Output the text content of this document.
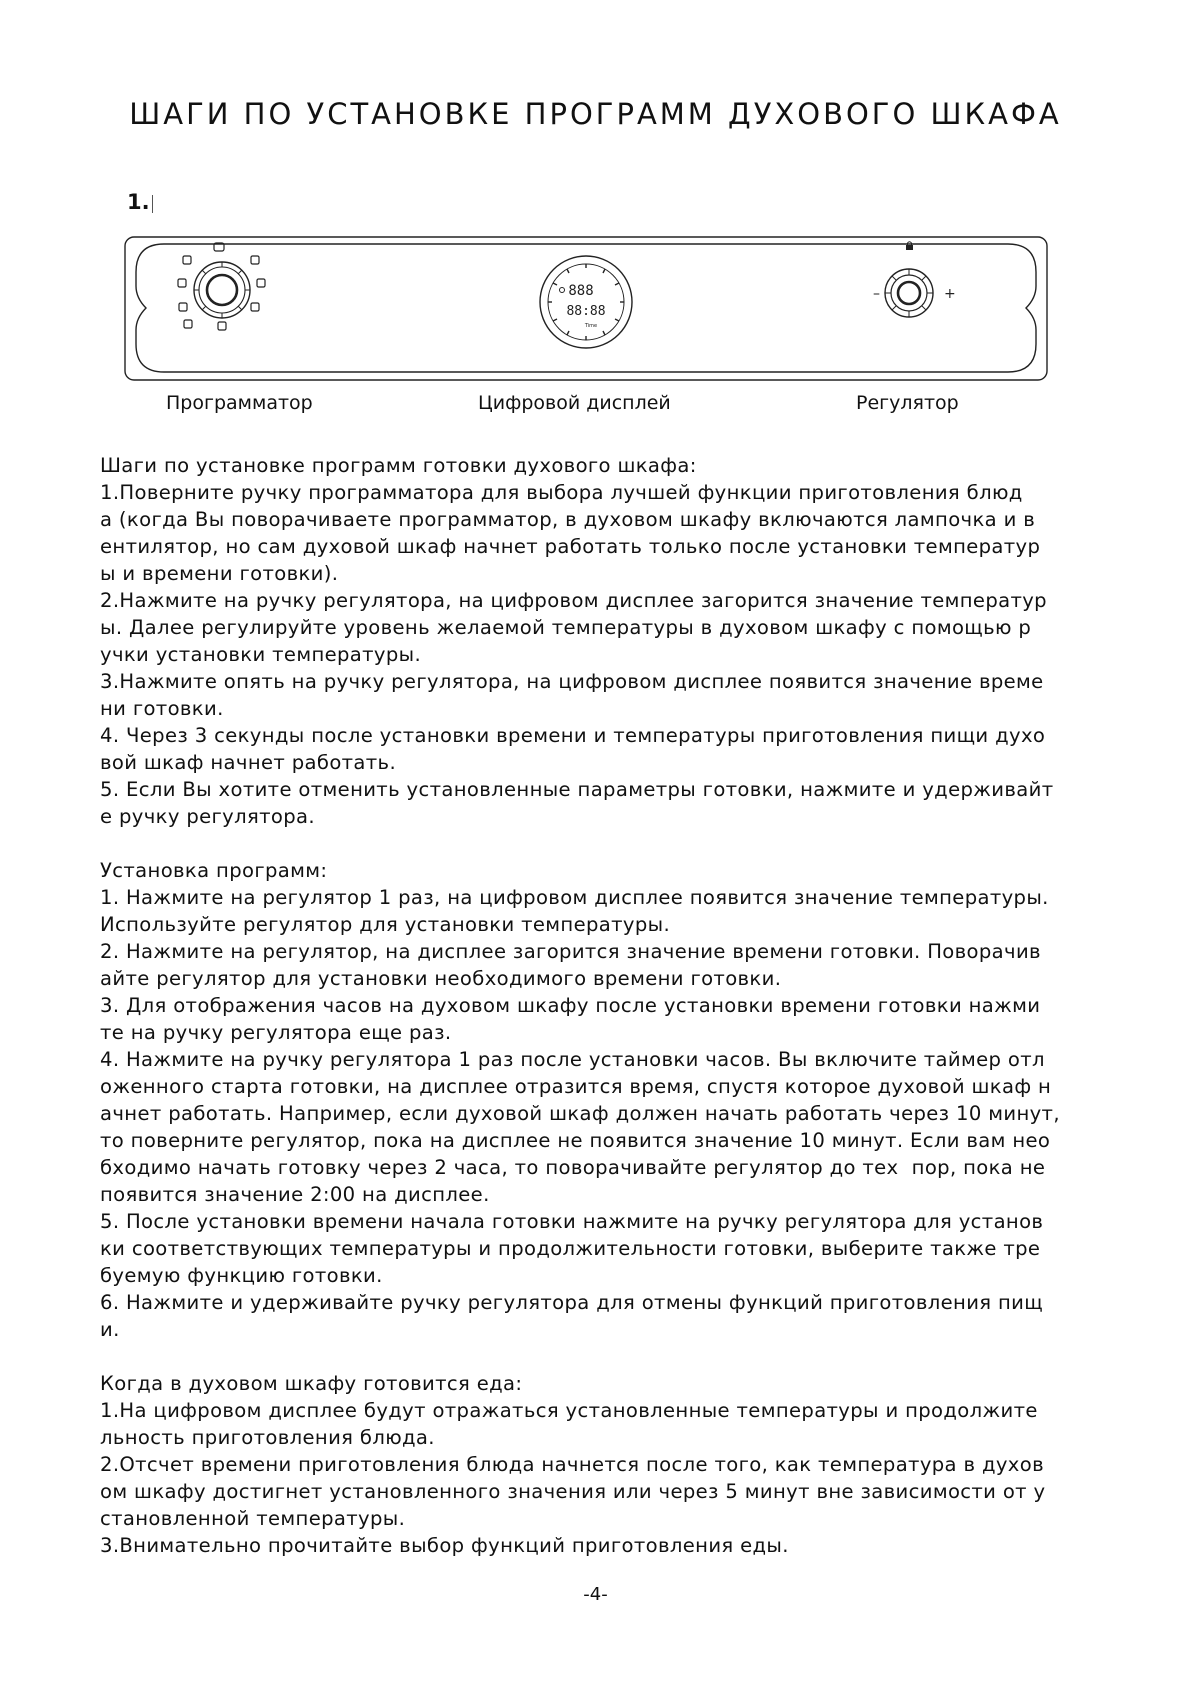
ШАГИ ПО УСТАНОВКЕ ПРОГРАММ ДУХОВОГО ШКАФА
1.
888
88:88
Time
–	+
Программатор	Цифровой дисплей	Регулятор
Шаги по установке программ готовки духового шкафа:
1.Поверните ручку программатора для выбора лучшей функции приготовления блюд
а (когда Вы поворачиваете программатор, в духовом шкафу включаются лампочка и в
ентилятор, но сам духовой шкаф начнет работать только после установки температур
ы и времени готовки).
2.Нажмите на ручку регулятора, на цифровом дисплее загорится значение температур
ы. Далее регулируйте уровень желаемой температуры в духовом шкафу с помощью р
учки установки температуры.
3.Нажмите опять на ручку регулятора, на цифровом дисплее появится значение време
ни готовки.
4. Через 3 секунды после установки времени и температуры приготовления пищи духо
вой шкаф начнет работать.
5. Если Вы хотите отменить установленные параметры готовки, нажмите и удерживайт
е ручку регулятора.
Установка программ:
1. Нажмите на регулятор 1 раз, на цифровом дисплее появится значение температуры.
Используйте регулятор для установки температуры.
2. Нажмите на регулятор, на дисплее загорится значение времени готовки. Поворачив
айте регулятор для установки необходимого времени готовки.
3. Для отображения часов на духовом шкафу после установки времени готовки нажми
те на ручку регулятора еще раз.
4. Нажмите на ручку регулятора 1 раз после установки часов. Вы включите таймер отл
оженного старта готовки, на дисплее отразится время, спустя которое духовой шкаф н
ачнет работать. Например, если духовой шкаф должен начать работать через 10 минут,
то поверните регулятор, пока на дисплее не появится значение 10 минут. Если вам нео
бходимо начать готовку через 2 часа, то поворачивайте регулятор до тех  пор, пока не
появится значение 2:00 на дисплее.
5. После установки времени начала готовки нажмите на ручку регулятора для установ
ки соответствующих температуры и продолжительности готовки, выберите также тре
буемую функцию готовки.
6. Нажмите и удерживайте ручку регулятора для отмены функций приготовления пищ
и.
Когда в духовом шкафу готовится еда:
1.На цифровом дисплее будут отражаться установленные температуры и продолжите
льность приготовления блюда.
2.Отсчет времени приготовления блюда начнется после того, как температура в духов
ом шкафу достигнет установленного значения или через 5 минут вне зависимости от у
становленной температуры.
3.Внимательно прочитайте выбор функций приготовления еды.
-4-
